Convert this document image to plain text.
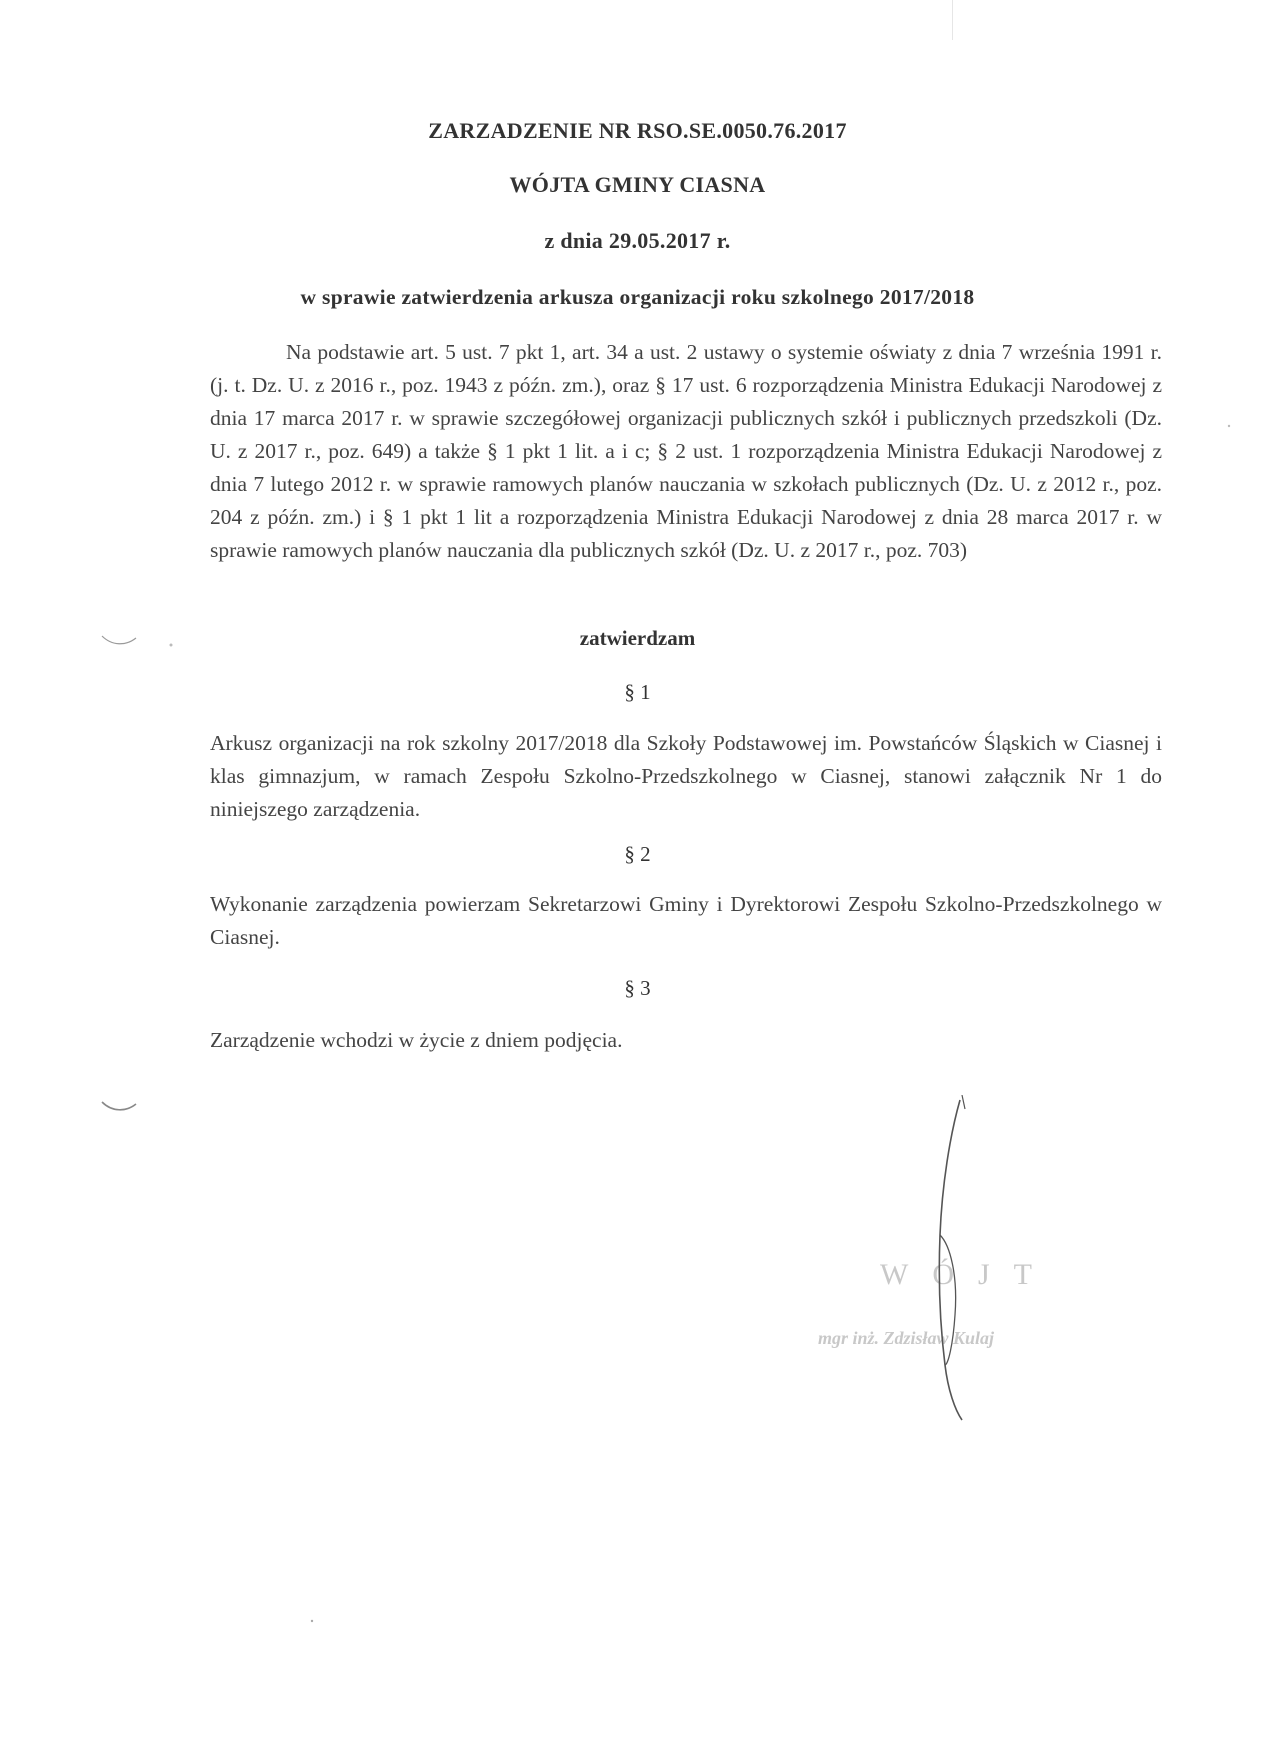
ZARZADZENIE NR RSO.SE.0050.76.2017
WÓJTA GMINY CIASNA
z dnia 29.05.2017 r.
w sprawie zatwierdzenia arkusza organizacji roku szkolnego 2017/2018
Na podstawie art. 5 ust. 7 pkt 1, art. 34 a ust. 2 ustawy o systemie oświaty z dnia 7 września 1991 r. (j. t. Dz. U. z 2016 r., poz. 1943 z późn. zm.), oraz § 17 ust. 6 rozporządzenia Ministra Edukacji Narodowej z dnia 17 marca 2017 r. w sprawie szczegółowej organizacji publicznych szkół i publicznych przedszkoli (Dz. U. z 2017 r., poz. 649) a także § 1 pkt 1 lit. a i c; § 2 ust. 1 rozporządzenia Ministra Edukacji Narodowej z dnia 7 lutego 2012 r. w sprawie ramowych planów nauczania w szkołach publicznych (Dz. U. z 2012 r., poz. 204 z późn. zm.) i § 1 pkt 1 lit a rozporządzenia Ministra Edukacji Narodowej z dnia 28 marca 2017 r. w sprawie ramowych planów nauczania dla publicznych szkół (Dz. U. z 2017 r., poz. 703)
zatwierdzam
§ 1
Arkusz organizacji na rok szkolny 2017/2018 dla Szkoły Podstawowej im. Powstańców Śląskich w Ciasnej i klas gimnazjum, w ramach Zespołu Szkolno-Przedszkolnego w Ciasnej, stanowi załącznik Nr 1 do niniejszego zarządzenia.
§ 2
Wykonanie zarządzenia powierzam Sekretarzowi Gminy i Dyrektorowi Zespołu Szkolno-Przedszkolnego w Ciasnej.
§ 3
Zarządzenie wchodzi w życie z dniem podjęcia.
WÓJT
mgr inż. Zdzisław Kulaj
